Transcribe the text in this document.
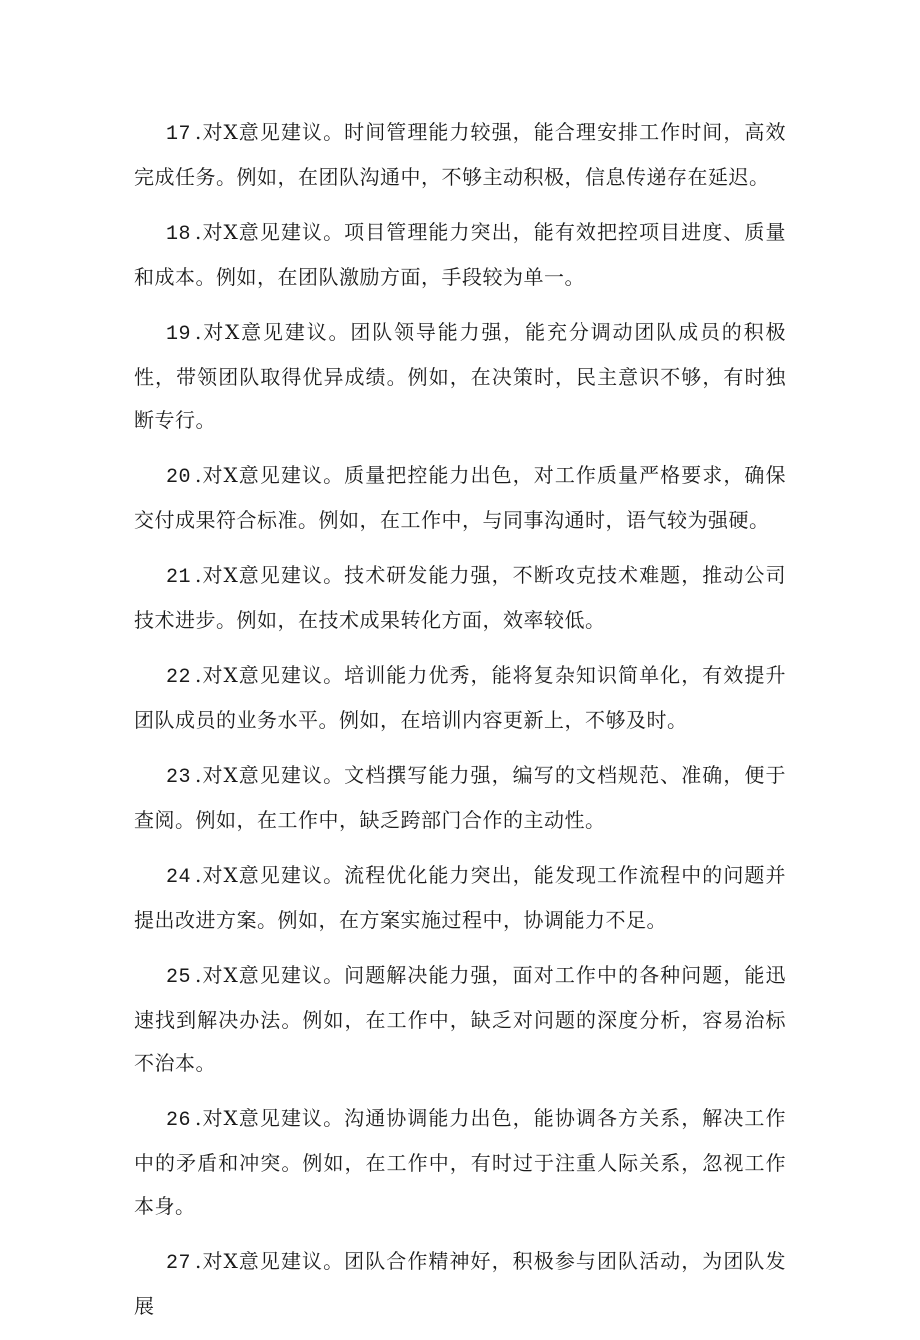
17 .对X意见建议。时间管理能力较强，能合理安排工作时间，高效完成任务。例如，在团队沟通中，不够主动积极，信息传递存在延迟。

18 .对X意见建议。项目管理能力突出，能有效把控项目进度、质量和成本。例如，在团队激励方面，手段较为单一。

19 .对X意见建议。团队领导能力强，能充分调动团队成员的积极性，带领团队取得优异成绩。例如，在决策时，民主意识不够，有时独断专行。

20 .对X意见建议。质量把控能力出色，对工作质量严格要求，确保交付成果符合标准。例如，在工作中，与同事沟通时，语气较为强硬。

21 .对X意见建议。技术研发能力强，不断攻克技术难题，推动公司技术进步。例如，在技术成果转化方面，效率较低。

22 .对X意见建议。培训能力优秀，能将复杂知识简单化，有效提升团队成员的业务水平。例如，在培训内容更新上，不够及时。

23 .对X意见建议。文档撰写能力强，编写的文档规范、准确，便于查阅。例如，在工作中，缺乏跨部门合作的主动性。

24 .对X意见建议。流程优化能力突出，能发现工作流程中的问题并提出改进方案。例如，在方案实施过程中，协调能力不足。

25 .对X意见建议。问题解决能力强，面对工作中的各种问题，能迅速找到解决办法。例如，在工作中，缺乏对问题的深度分析，容易治标不治本。

26 .对X意见建议。沟通协调能力出色，能协调各方关系，解决工作中的矛盾和冲突。例如，在工作中，有时过于注重人际关系，忽视工作本身。

27 .对X意见建议。团队合作精神好，积极参与团队活动，为团队发展
